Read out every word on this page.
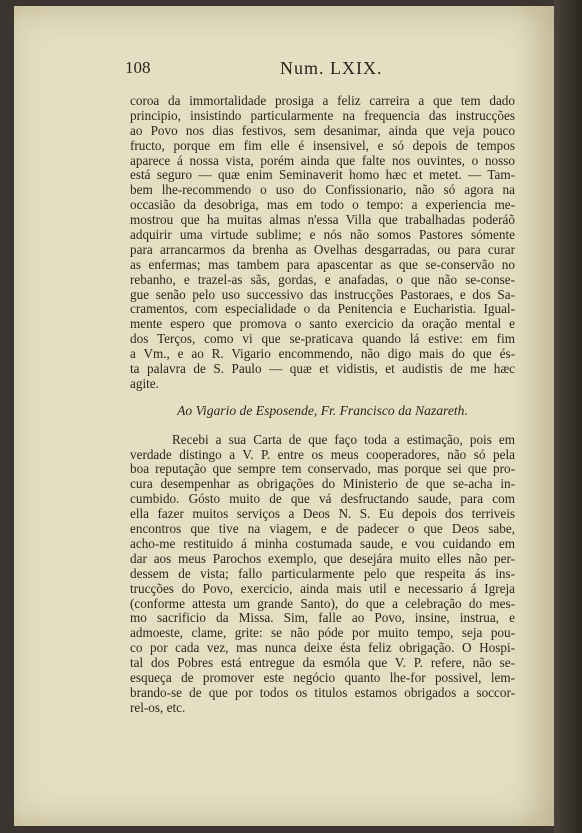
108	Num. LXIX.
coroa da immortalidade prosiga a feliz carreira a que tem dado
principio, insistindo particularmente na frequencia das instrucções
ao Povo nos dias festivos, sem desanimar, ainda que veja pouco
fructo, porque em fim elle é insensivel, e só depois de tempos
aparece á nossa vista, porém ainda que falte nos ouvintes, o nosso
está seguro — quæ enim Seminaverit homo hæc et metet. — Tam-
bem lhe-recommendo o uso do Confissionario, não só agora na
occasião da desobriga, mas em todo o tempo: a experiencia me-
mostrou que ha muitas almas n'essa Villa que trabalhadas poderáõ
adquirir uma virtude sublime; e nós não somos Pastores sómente
para arrancarmos da brenha as Ovelhas desgarradas, ou para curar
as enfermas; mas tambem para apascentar as que se-conservão no
rebanho, e trazel-as sãs, gordas, e anafadas, o que não se-conse-
gue senão pelo uso successivo das instrucções Pastoraes, e dos Sa-
cramentos, com especialidade o da Penitencia e Eucharistia. Igual-
mente espero que promova o santo exercicio da oração mental e
dos Terços, como vi que se-praticava quando lá estive: em fim
a Vm., e ao R. Vigario encommendo, não digo mais do que és-
ta palavra de S. Paulo — quæ et vidistis, et audistis de me hæc
agite.
Ao Vigario de Esposende, Fr. Francisco da Nazareth.
Recebi a sua Carta de que faço toda a estimação, pois em
verdade distingo a V. P. entre os meus cooperadores, não só pela
boa reputação que sempre tem conservado, mas porque sei que pro-
cura desempenhar as obrigações do Ministerio de que se-acha in-
cumbido. Gósto muito de que vá desfructando saude, para com
ella fazer muitos serviços a Deos N. S. Eu depois dos terriveis
encontros que tive na viagem, e de padecer o que Deos sabe,
acho-me restituido á minha costumada saude, e vou cuidando em
dar aos meus Parochos exemplo, que desejára muito elles não per-
dessem de vista; fallo particularmente pelo que respeita ás ins-
trucções do Povo, exercicio, ainda mais util e necessario á Igreja
(conforme attesta um grande Santo), do que a celebração do mes-
mo sacrificio da Missa. Sim, falle ao Povo, insine, instrua, e
admoeste, clame, grite: se não póde por muito tempo, seja pou-
co por cada vez, mas nunca deixe ésta feliz obrigação. O Hospi-
tal dos Pobres está entregue da esmóla que V. P. refere, não se-
esqueça de promover este negócio quanto lhe-for possivel, lem-
brando-se de que por todos os titulos estamos obrigados a soccor-
rel-os, etc.
